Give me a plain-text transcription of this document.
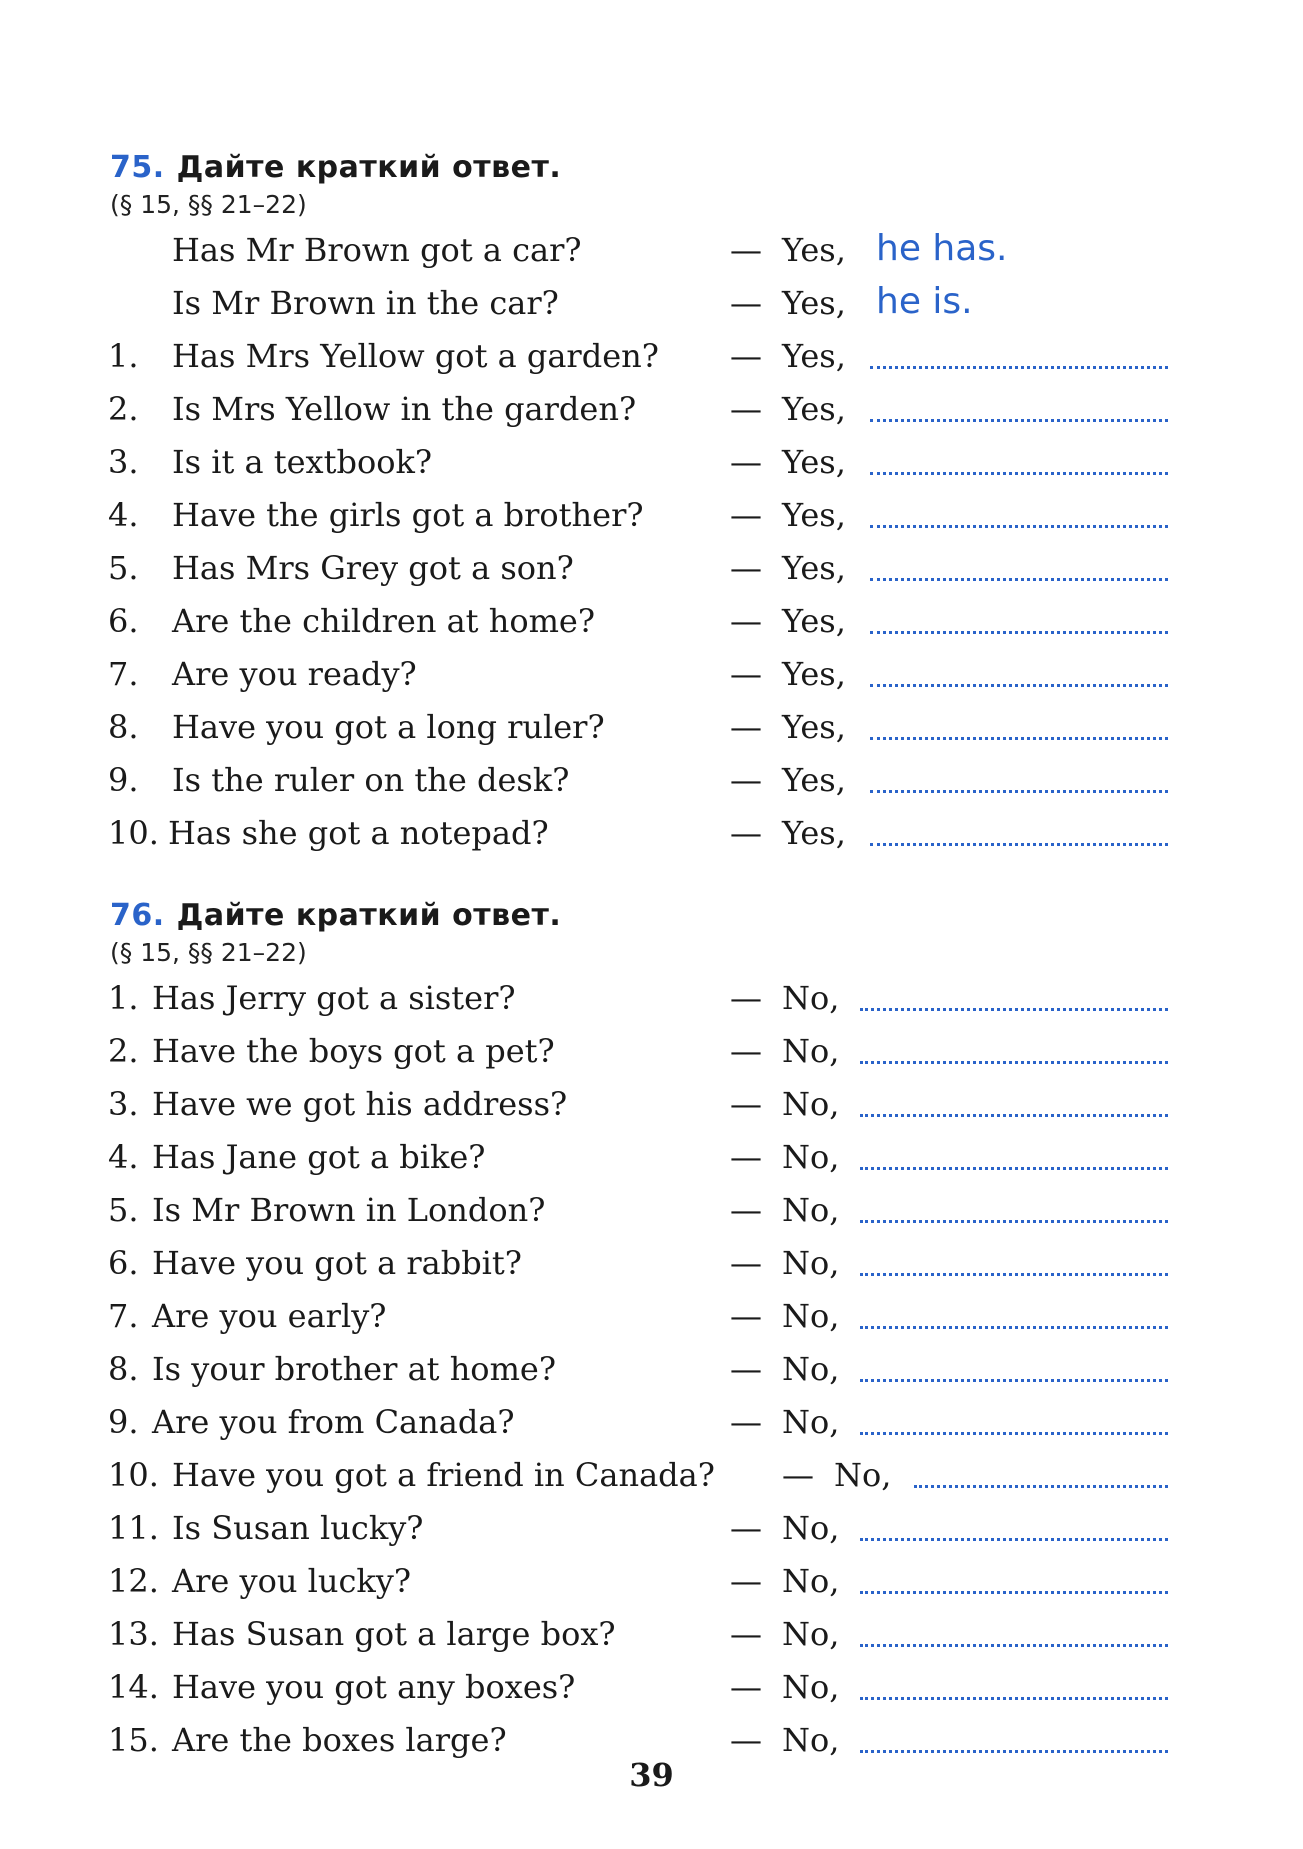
75. Дайте краткий ответ.
(§ 15, §§ 21–22)
Has Mr Brown got a car?	— Yes, he has.
Is Mr Brown in the car?	— Yes, he is.
1. Has Mrs Yellow got a garden? — Yes,
2. Is Mrs Yellow in the garden?	— Yes,
3. Is it a textbook?	— Yes,
4. Have the girls got a brother?	— Yes,
5. Has Mrs Grey got a son?	— Yes,
6. Are the children at home?	— Yes,
7. Are you ready?	— Yes,
8. Have you got a long ruler?	— Yes,
9. Is the ruler on the desk?	— Yes,
10. Has she got a notepad?	— Yes,
76. Дайте краткий ответ.
(§ 15, §§ 21–22)
1. Has Jerry got a sister?	— No,
2. Have the boys got a pet?	— No,
3. Have we got his address?	— No,
4. Has Jane got a bike?	— No,
5. Is Mr Brown in London?	— No,
6. Have you got a rabbit?	— No,
7. Are you early?	— No,
8. Is your brother at home?	— No,
9. Are you from Canada?	— No,
10. Have you got a friend in Canada? — No,
11. Is Susan lucky?	— No,
12. Are you lucky?	— No,
13. Has Susan got a large box?	— No,
14. Have you got any boxes?	— No,
15. Are the boxes large?	— No,
39
